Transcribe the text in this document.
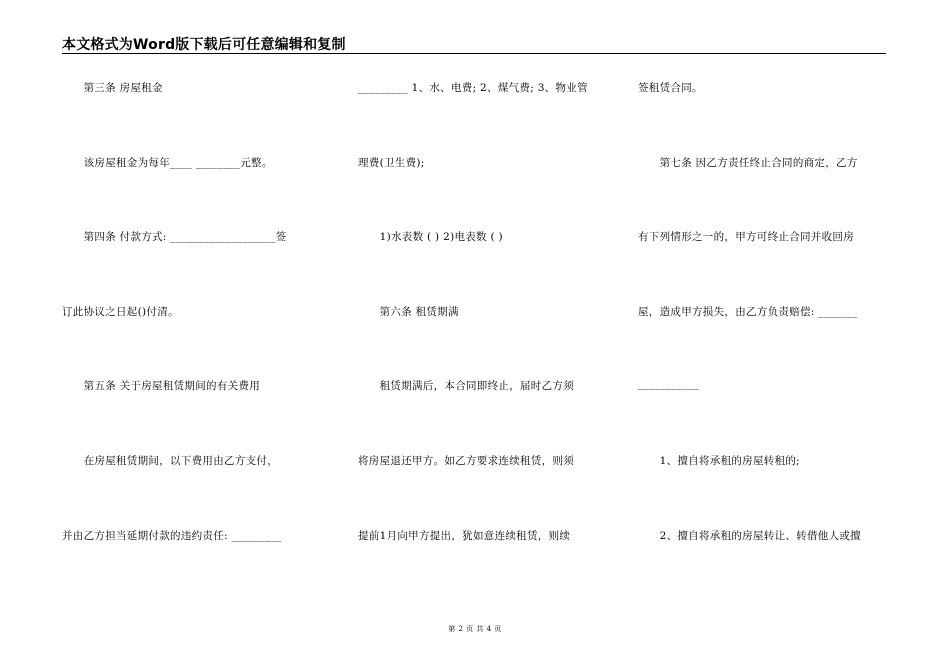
本文格式为Word版下载后可任意编辑和复制
　　第三条 房屋租金
　　该房屋租金为每年____ ________元整。
　　第四条 付款方式: ___________________签
订此协议之日起()付清。
　　第五条 关于房屋租赁期间的有关费用
　　在房屋租赁期间，以下费用由乙方支付，
并由乙方担当延期付款的违约责任: _________
_________ 1、水、电费; 2、煤气费; 3、物业管
理费(卫生费);
　　1)水表数 ( ) 2)电表数 ( )
　　第六条 租赁期满
　　租赁期满后，本合同即终止，届时乙方须
将房屋退还甲方。如乙方要求连续租赁，则须
提前1月向甲方提出，犹如意连续租赁，则续
签租赁合同。
　　第七条 因乙方责任终止合同的商定，乙方
有下列情形之一的，甲方可终止合同并收回房
屋，造成甲方损失，由乙方负责赔偿: _______
___________
　　1、擅自将承租的房屋转租的;
　　2、擅自将承租的房屋转让、转借他人或擅
第 2 页 共 4 页
